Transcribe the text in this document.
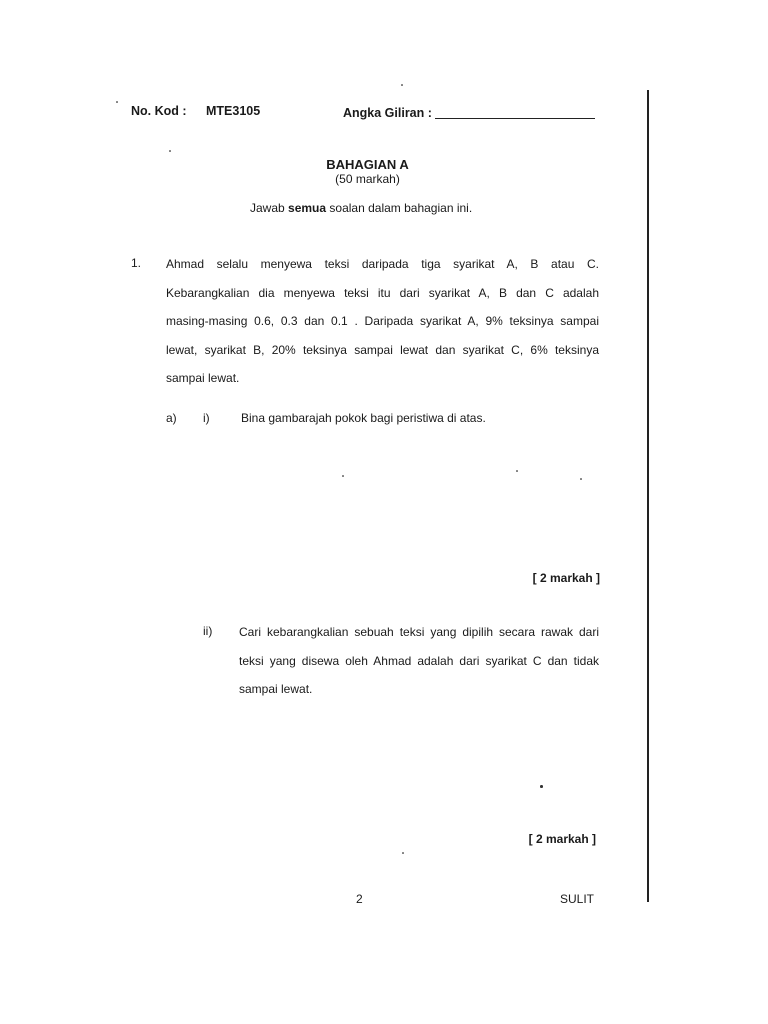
No. Kod : MTE3105	Angka Giliran :
BAHAGIAN A
(50 markah)
Jawab semua soalan dalam bahagian ini.
1. Ahmad selalu menyewa teksi daripada tiga syarikat A, B atau C.
Kebarangkalian dia menyewa teksi itu dari syarikat A, B dan C adalah
masing-masing 0.6, 0.3 dan 0.1 . Daripada syarikat A, 9% teksinya sampai
lewat, syarikat B, 20% teksinya sampai lewat dan syarikat C, 6% teksinya
sampai lewat.
a) i)	Bina gambarajah pokok bagi peristiwa di atas.
[ 2 markah ]
ii) Cari kebarangkalian sebuah teksi yang dipilih secara rawak dari
teksi yang disewa oleh Ahmad adalah dari syarikat C dan tidak
sampai lewat.
[ 2 markah ]
2	SULIT
